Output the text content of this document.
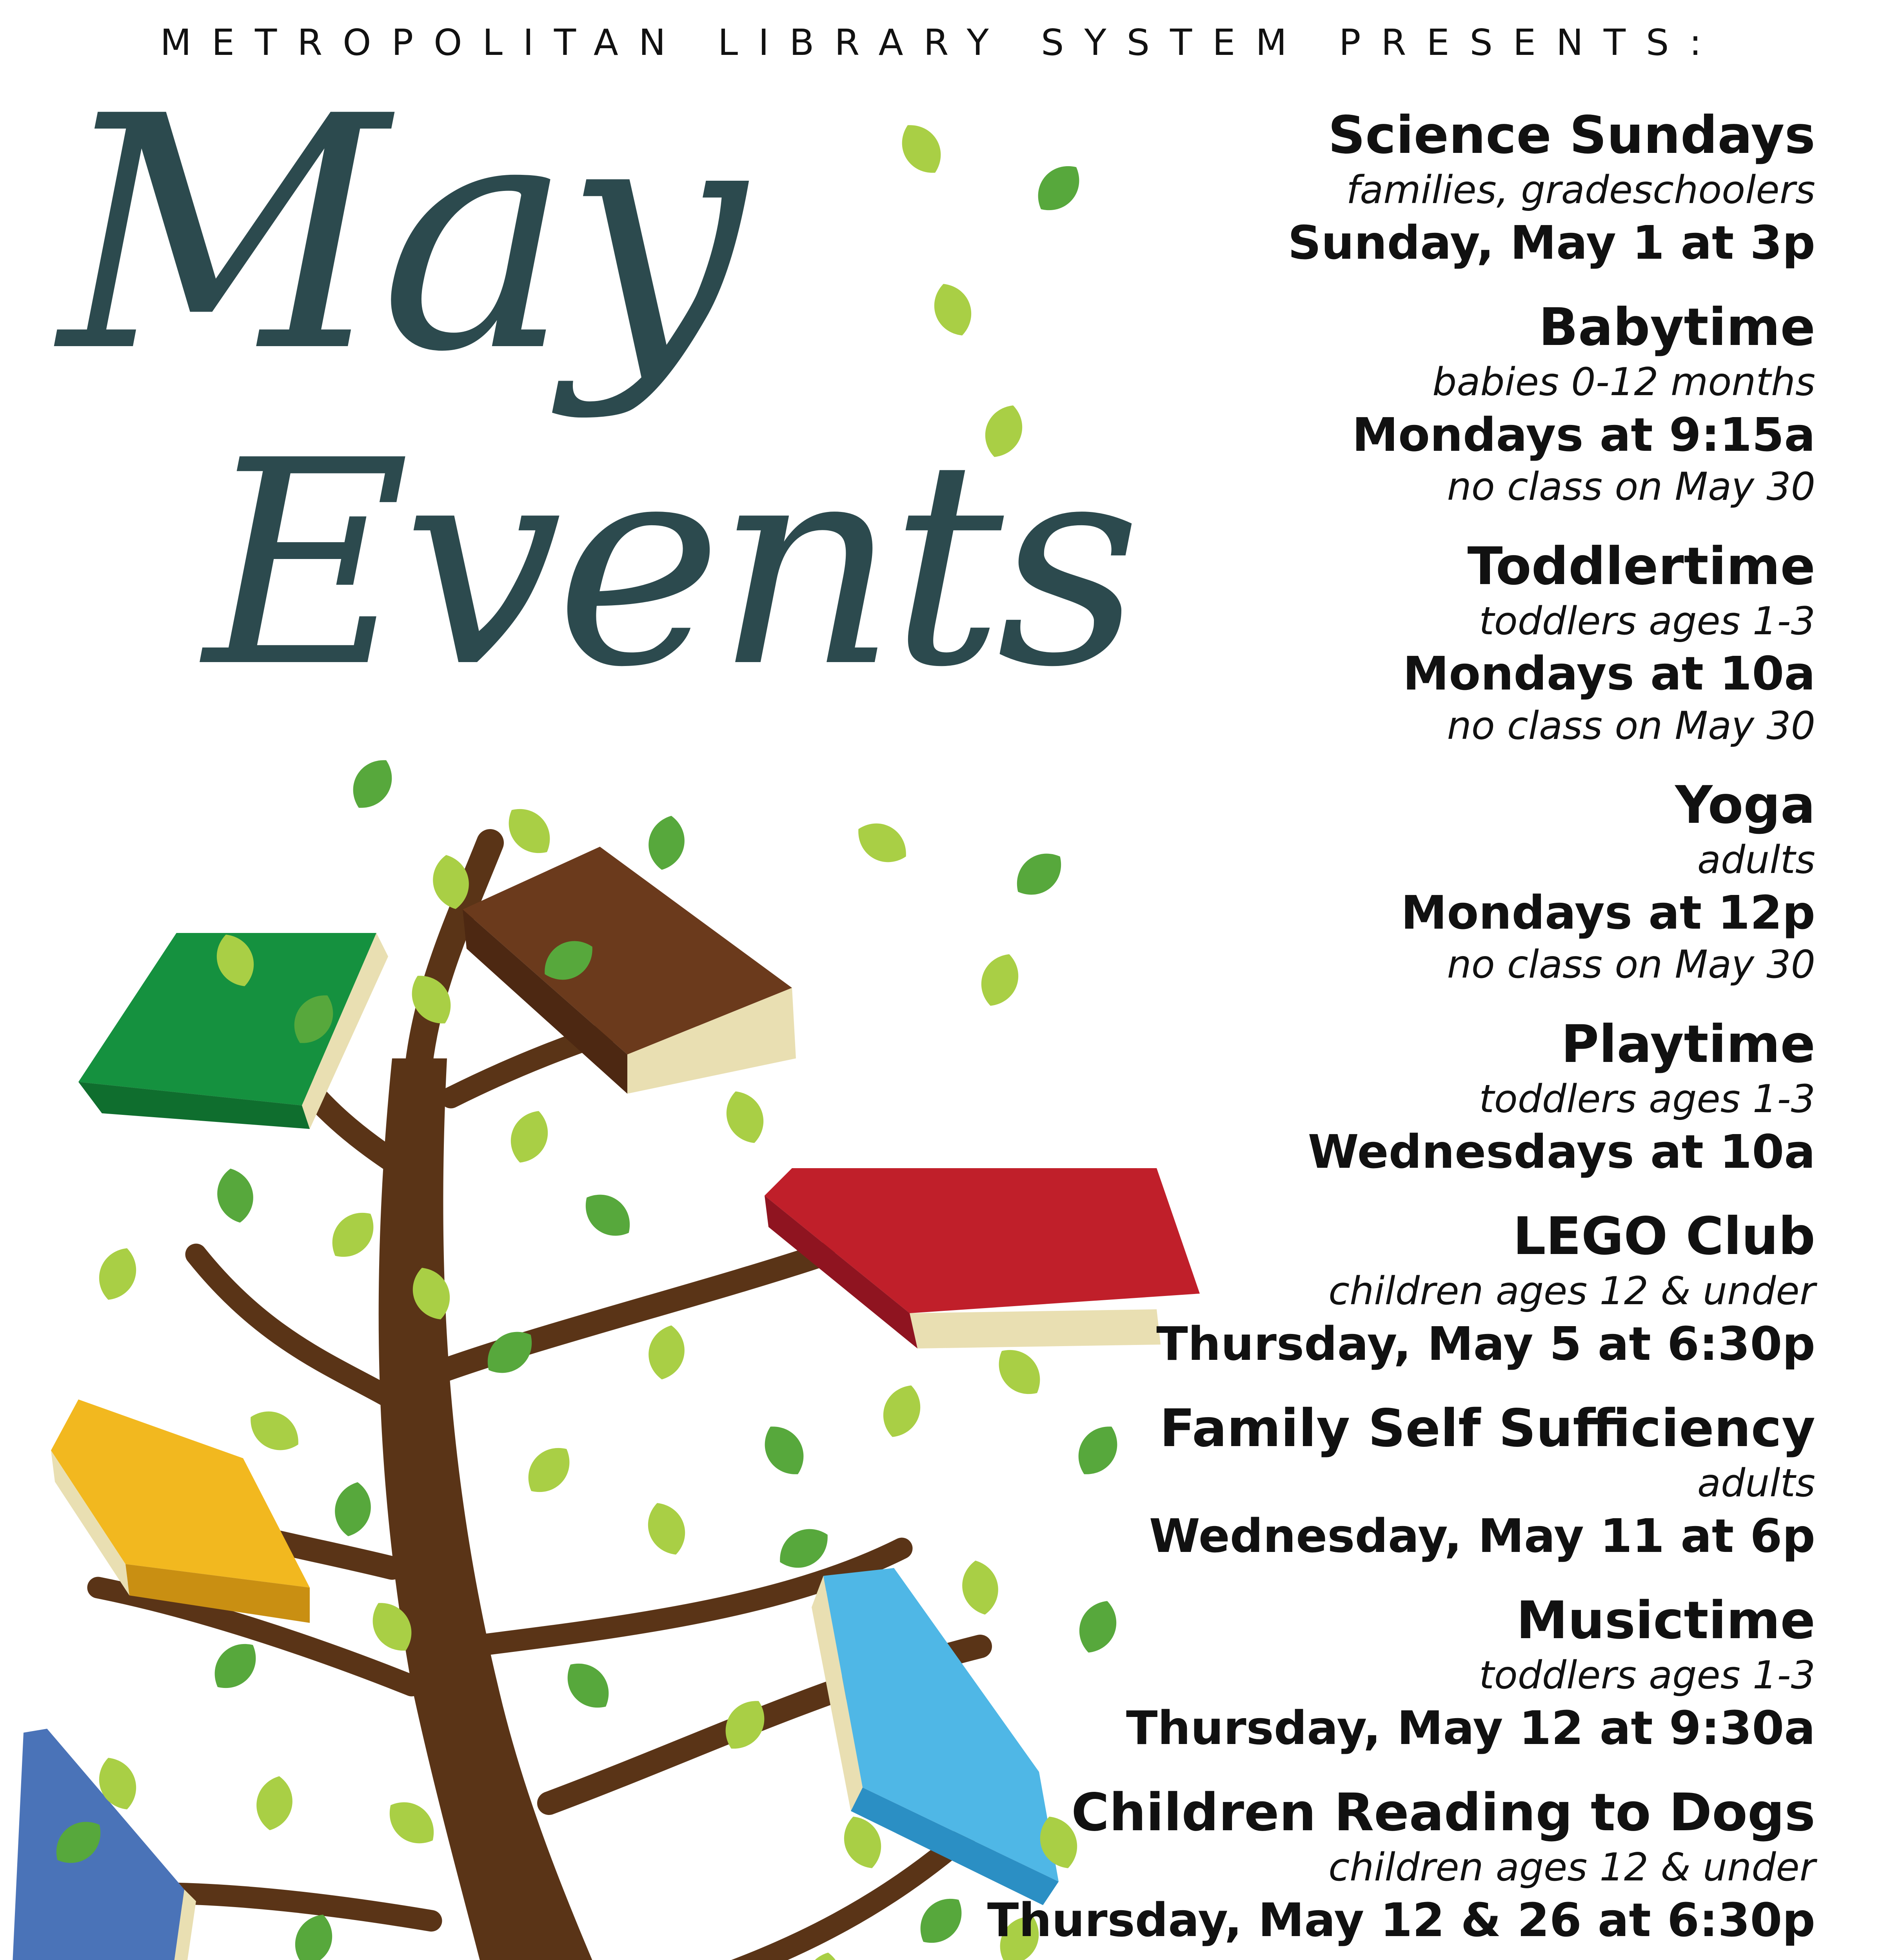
METROPOLITAN LIBRARY SYSTEM PRESENTS:
May
Events
Science Sundays
families, gradeschoolers
Sunday, May 1 at 3p
Babytime
babies 0-12 months
Mondays at 9:15a
no class on May 30
Toddlertime
toddlers ages 1-3
Mondays at 10a
no class on May 30
Yoga
adults
Mondays at 12p
no class on May 30
Playtime
toddlers ages 1-3
Wednesdays at 10a
LEGO Club
children ages 12 & under
Thursday, May 5 at 6:30p
Family Self Sufficiency
adults
Wednesday, May 11 at 6p
Musictime
toddlers ages 1-3
Thursday, May 12 at 9:30a
Children Reading to Dogs
children ages 12 & under
Thursday, May 12 & 26 at 6:30p
